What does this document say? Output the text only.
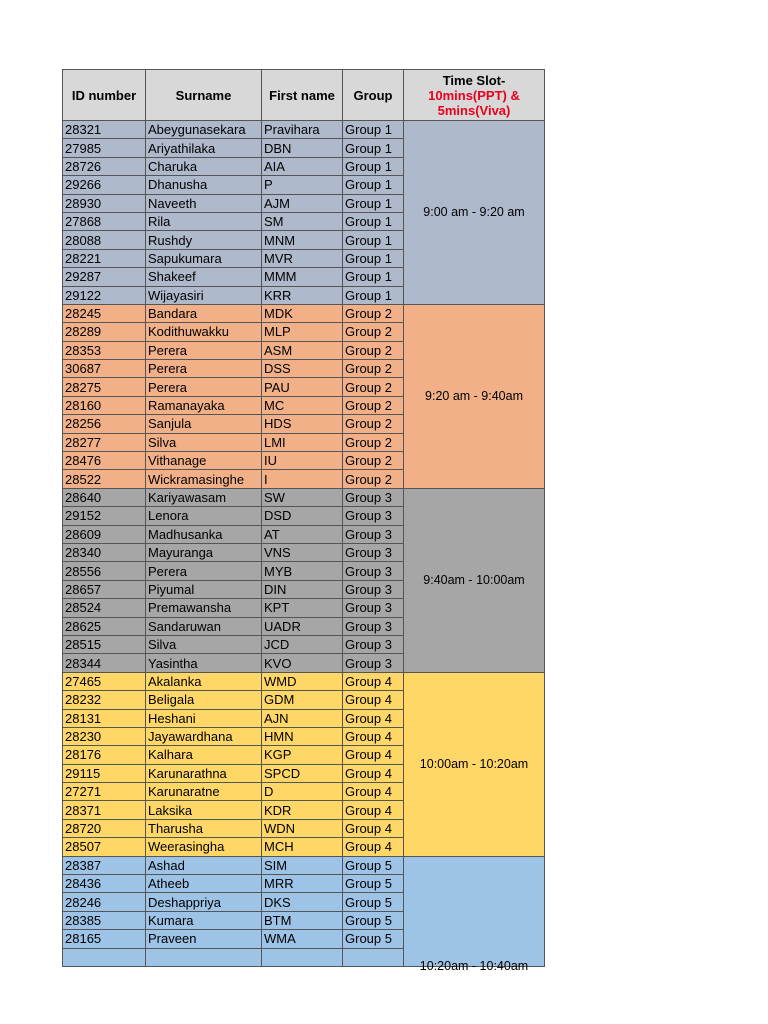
ID number	Surname	First name	Group	Time Slot-10mins(PPT) & 5mins(Viva)
28321	Abeygunasekara	Pravihara	Group 1	9:00 am - 9:20 am
27985	Ariyathilaka	DBN	Group 1	
28726	Charuka	AIA	Group 1	
29266	Dhanusha	P	Group 1	
28930	Naveeth	AJM	Group 1	
27868	Rila	SM	Group 1	
28088	Rushdy	MNM	Group 1	
28221	Sapukumara	MVR	Group 1	
29287	Shakeef	MMM	Group 1	
29122	Wijayasiri	KRR	Group 1	
28245	Bandara	MDK	Group 2	9:20 am - 9:40am
28289	Kodithuwakku	MLP	Group 2	
28353	Perera	ASM	Group 2	
30687	Perera	DSS	Group 2	
28275	Perera	PAU	Group 2	
28160	Ramanayaka	MC	Group 2	
28256	Sanjula	HDS	Group 2	
28277	Silva	LMI	Group 2	
28476	Vithanage	IU	Group 2	
28522	Wickramasinghe	I	Group 2	
28640	Kariyawasam	SW	Group 3	9:40am - 10:00am
29152	Lenora	DSD	Group 3	
28609	Madhusanka	AT	Group 3	
28340	Mayuranga	VNS	Group 3	
28556	Perera	MYB	Group 3	
28657	Piyumal	DIN	Group 3	
28524	Premawansha	KPT	Group 3	
28625	Sandaruwan	UADR	Group 3	
28515	Silva	JCD	Group 3	
28344	Yasintha	KVO	Group 3	
27465	Akalanka	WMD	Group 4	10:00am - 10:20am
28232	Beligala	GDM	Group 4	
28131	Heshani	AJN	Group 4	
28230	Jayawardhana	HMN	Group 4	
28176	Kalhara	KGP	Group 4	
29115	Karunarathna	SPCD	Group 4	
27271	Karunaratne	D	Group 4	
28371	Laksika	KDR	Group 4	
28720	Tharusha	WDN	Group 4	
28507	Weerasingha	MCH	Group 4	
28387	Ashad	SIM	Group 5	10:20am - 10:40am
28436	Atheeb	MRR	Group 5	
28246	Deshappriya	DKS	Group 5	
28385	Kumara	BTM	Group 5	
28165	Praveen	WMA	Group 5	
